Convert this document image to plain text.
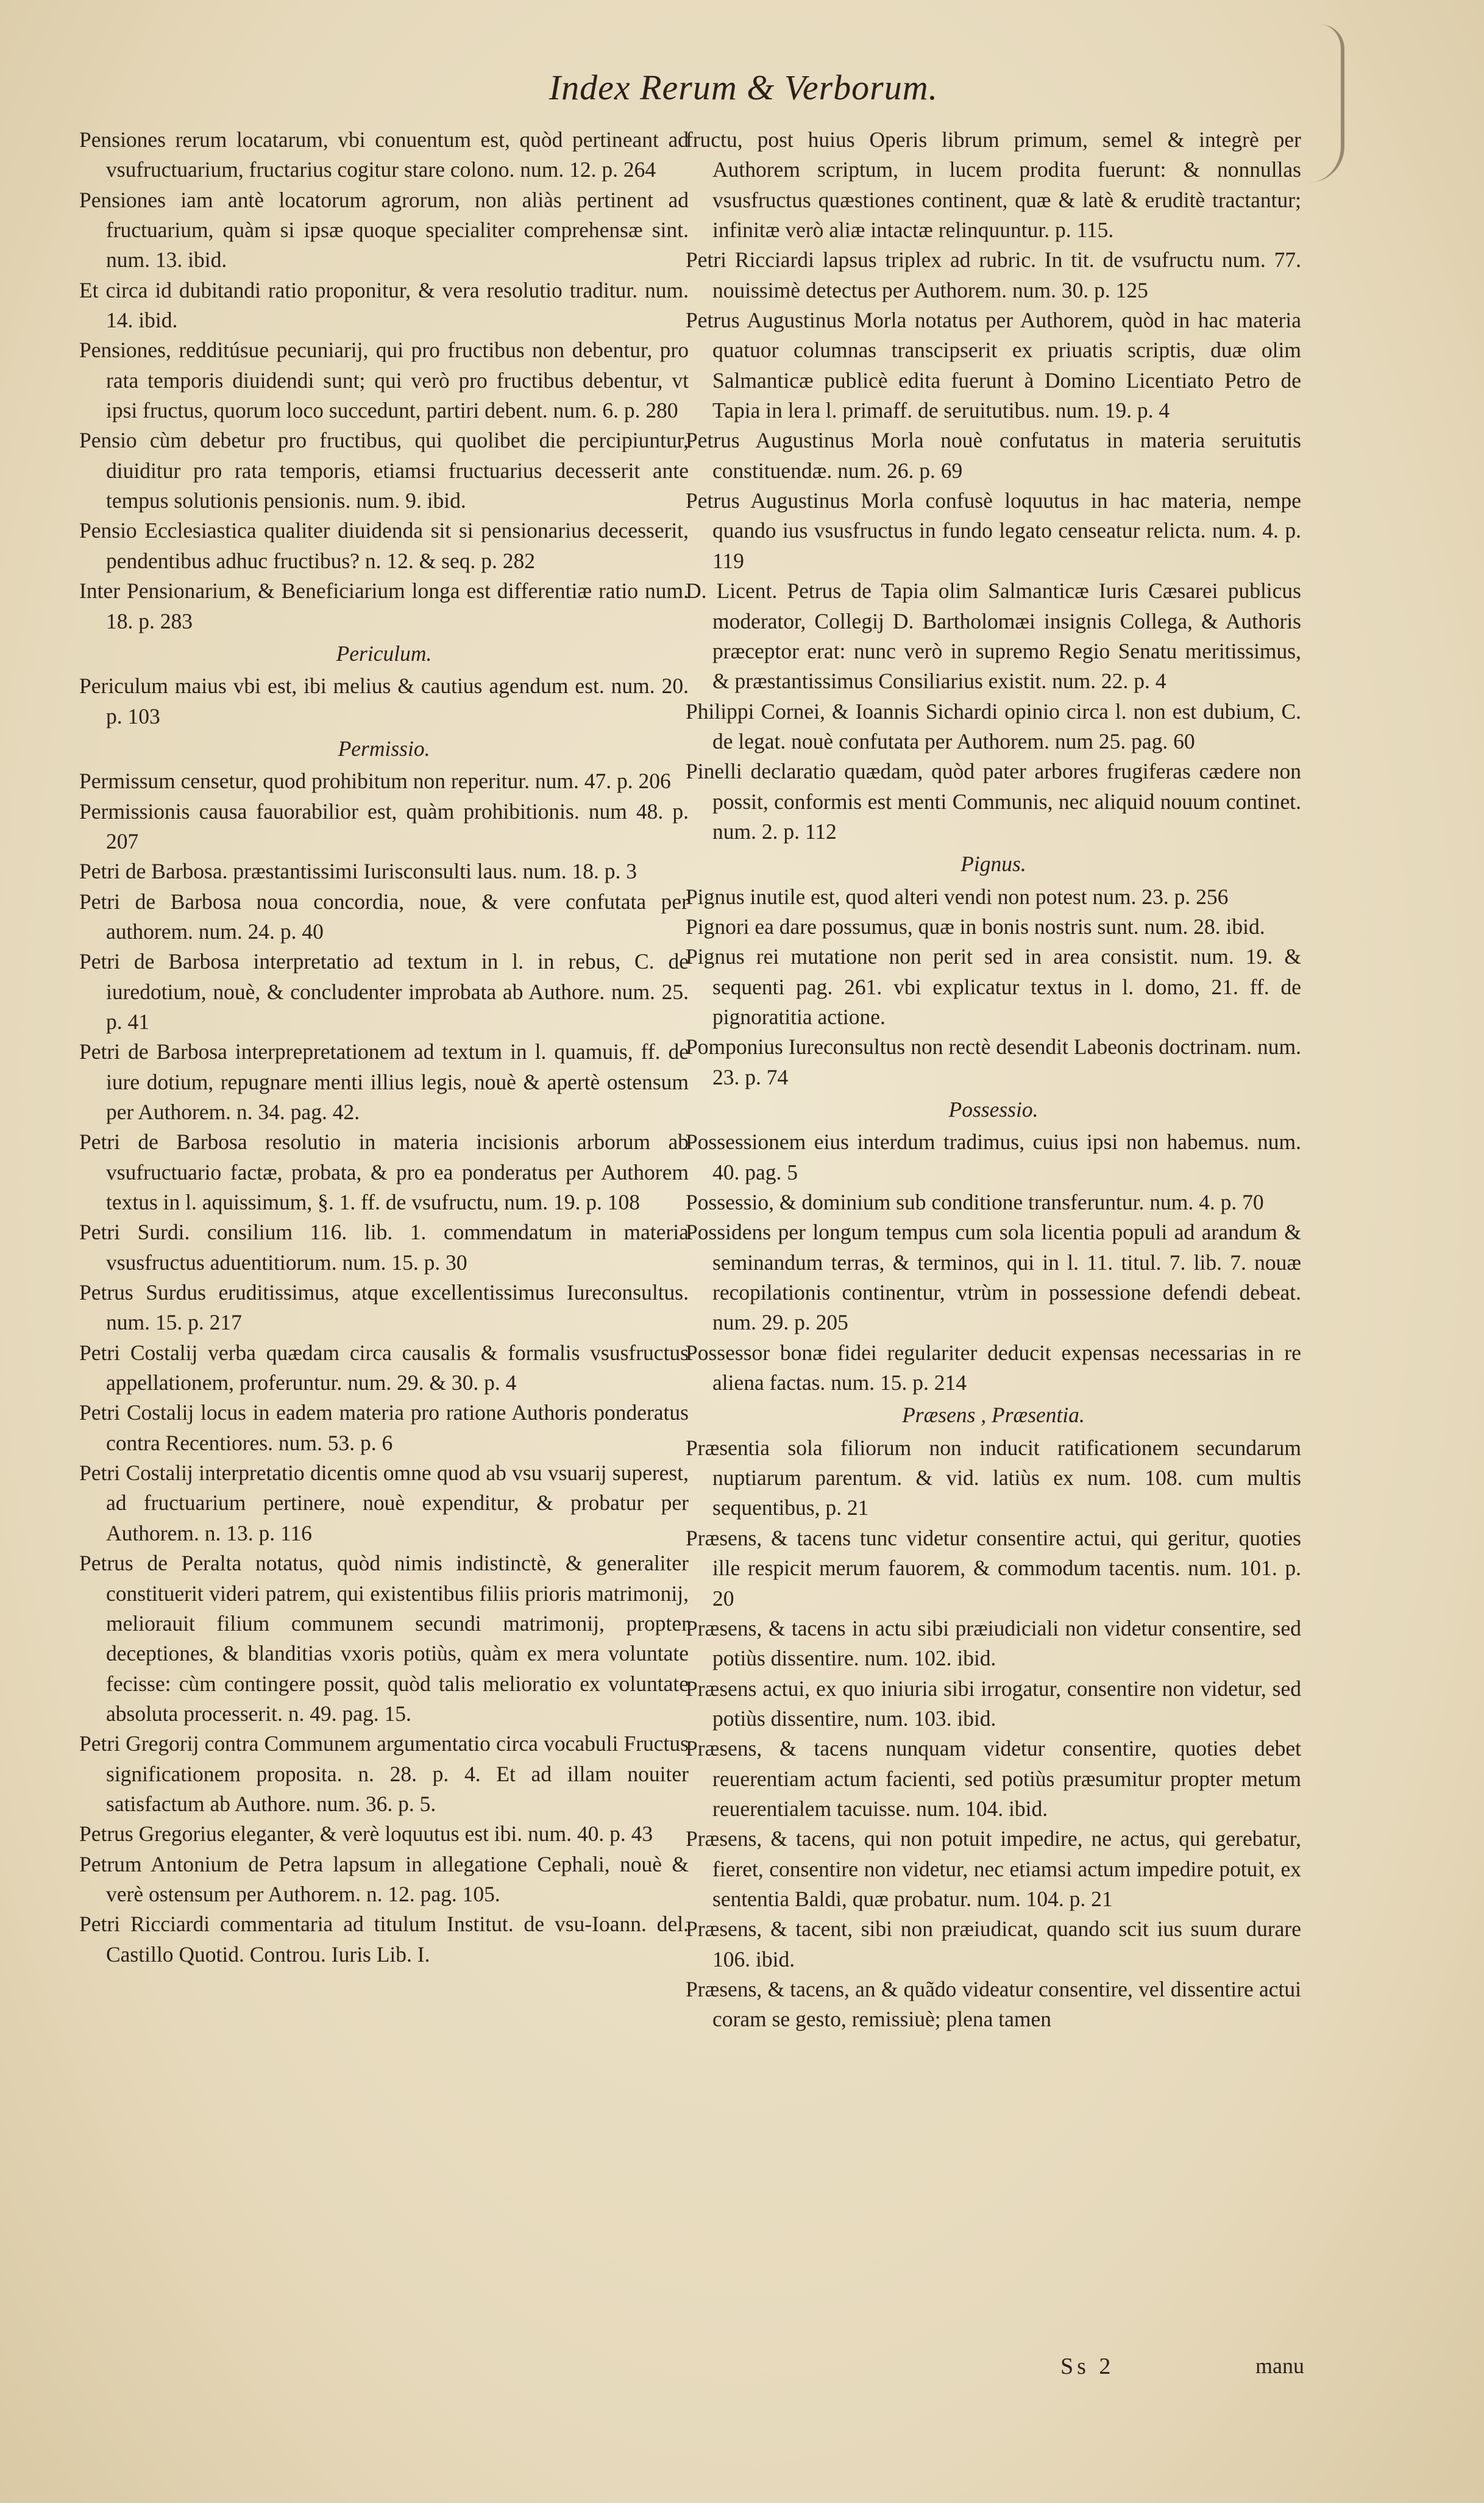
Index Rerum & Verborum.

Pensiones rerum locatarum, vbi conuentum est, quòd pertineant ad vsufructuarium, fructarius cogitur stare colono. num. 12. p. 264

Pensiones iam antè locatorum agrorum, non aliàs pertinent ad fructuarium, quàm si ipsæ quoque specialiter comprehensæ sint. num. 13. ibid.

Et circa id dubitandi ratio proponitur, & vera resolutio traditur. num. 14. ibid.

Pensiones, redditúsue pecuniarij, qui pro fructibus non debentur, pro rata temporis diuidendi sunt; qui verò pro fructibus debentur, vt ipsi fructus, quorum loco succedunt, partiri debent. num. 6. p. 280

Pensio cùm debetur pro fructibus, qui quolibet die percipiuntur, diuiditur pro rata temporis, etiamsi fructuarius decesserit ante tempus solutionis pensionis. num. 9. ibid.

Pensio Ecclesiastica qualiter diuidenda sit si pensionarius decesserit, pendentibus adhuc fructibus? n. 12. & seq. p. 282

Inter Pensionarium, & Beneficiarium longa est differentiæ ratio num. 18. p. 283

Periculum.

Periculum maius vbi est, ibi melius & cautius agendum est. num. 20. p. 103

Permissio.

Permissum censetur, quod prohibitum non reperitur. num. 47. p. 206

Permissionis causa fauorabilior est, quàm prohibitionis. num 48. p. 207

Petri de Barbosa. præstantissimi Iurisconsulti laus. num. 18. p. 3

Petri de Barbosa noua concordia, noue, & vere confutata per authorem. num. 24. p. 40

Petri de Barbosa interpretatio ad textum in l. in rebus, C. de iuredotium, nouè, & concludenter improbata ab Authore. num. 25. p. 41

Petri de Barbosa interprepretationem ad textum in l. quamuis, ff. de iure dotium, repugnare menti illius legis, nouè & apertè ostensum per Authorem. n. 34. pag. 42.

Petri de Barbosa resolutio in materia incisionis arborum ab vsufructuario factæ, probata, & pro ea ponderatus per Authorem textus in l. aquissimum, §. 1. ff. de vsufructu, num. 19. p. 108

Petri Surdi. consilium 116. lib. 1. commendatum in materia vsusfructus aduentitiorum. num. 15. p. 30

Petrus Surdus eruditissimus, atque excellentissimus Iureconsultus. num. 15. p. 217

Petri Costalij verba quædam circa causalis & formalis vsusfructus appellationem, proferuntur. num. 29. & 30. p. 4

Petri Costalij locus in eadem materia pro ratione Authoris ponderatus contra Recentiores. num. 53. p. 6

Petri Costalij interpretatio dicentis omne quod ab vsu vsuarij superest, ad fructuarium pertinere, nouè expenditur, & probatur per Authorem. n. 13. p. 116

Petrus de Peralta notatus, quòd nimis indistinctè, & generaliter constituerit videri patrem, qui existentibus filiis prioris matrimonij, meliorauit filium communem secundi matrimonij, propter deceptiones, & blanditias vxoris potiùs, quàm ex mera voluntate fecisse: cùm contingere possit, quòd talis melioratio ex voluntate absoluta processerit. n. 49. pag. 15.

Petri Gregorij contra Communem argumentatio circa vocabuli Fructus significationem proposita. n. 28. p. 4. Et ad illam nouiter satisfactum ab Authore. num. 36. p. 5.

Petrus Gregorius eleganter, & verè loquutus est ibi. num. 40. p. 43

Petrum Antonium de Petra lapsum in allegatione Cephali, nouè & verè ostensum per Authorem. n. 12. pag. 105.

Petri Ricciardi commentaria ad titulum Institut. de vsu-Ioann. del. Castillo Quotid. Controu. Iuris Lib. I.

fructu, post huius Operis librum primum, semel & integrè per Authorem scriptum, in lucem prodita fuerunt: & nonnullas vsusfructus quæstiones continent, quæ & latè & eruditè tractantur; infinitæ verò aliæ intactæ relinquuntur. p. 115.

Petri Ricciardi lapsus triplex ad rubric. In tit. de vsufructu num. 77. nouissimè detectus per Authorem. num. 30. p. 125

Petrus Augustinus Morla notatus per Authorem, quòd in hac materia quatuor columnas transcipserit ex priuatis scriptis, duæ olim Salmanticæ publicè edita fuerunt à Domino Licentiato Petro de Tapia in lera l. primaff. de seruitutibus. num. 19. p. 4

Petrus Augustinus Morla nouè confutatus in materia seruitutis constituendæ. num. 26. p. 69

Petrus Augustinus Morla confusè loquutus in hac materia, nempe quando ius vsusfructus in fundo legato censeatur relicta. num. 4. p. 119

D. Licent. Petrus de Tapia olim Salmanticæ Iuris Cæsarei publicus moderator, Collegij D. Bartholomæi insignis Collega, & Authoris præceptor erat: nunc verò in supremo Regio Senatu meritissimus, & præstantissimus Consiliarius existit. num. 22. p. 4

Philippi Cornei, & Ioannis Sichardi opinio circa l. non est dubium, C. de legat. nouè confutata per Authorem. num 25. pag. 60

Pinelli declaratio quædam, quòd pater arbores frugiferas cædere non possit, conformis est menti Communis, nec aliquid nouum continet. num. 2. p. 112

Pignus.

Pignus inutile est, quod alteri vendi non potest num. 23. p. 256

Pignori ea dare possumus, quæ in bonis nostris sunt. num. 28. ibid.

Pignus rei mutatione non perit sed in area consistit. num. 19. & sequenti pag. 261. vbi explicatur textus in l. domo, 21. ff. de pignoratitia actione.

Pomponius Iureconsultus non rectè desendit Labeonis doctrinam. num. 23. p. 74

Possessio.

Possessionem eius interdum tradimus, cuius ipsi non habemus. num. 40. pag. 5

Possessio, & dominium sub conditione transferuntur. num. 4. p. 70

Possidens per longum tempus cum sola licentia populi ad arandum & seminandum terras, & terminos, qui in l. 11. titul. 7. lib. 7. nouæ recopilationis continentur, vtrùm in possessione defendi debeat. num. 29. p. 205

Possessor bonæ fidei regulariter deducit expensas necessarias in re aliena factas. num. 15. p. 214

Præsens , Præsentia.

Præsentia sola filiorum non inducit ratificationem secundarum nuptiarum parentum. & vid. latiùs ex num. 108. cum multis sequentibus, p. 21

Præsens, & tacens tunc videtur consentire actui, qui geritur, quoties ille respicit merum fauorem, & commodum tacentis. num. 101. p. 20

Præsens, & tacens in actu sibi præiudiciali non videtur consentire, sed potiùs dissentire. num. 102. ibid.

Præsens actui, ex quo iniuria sibi irrogatur, consentire non videtur, sed potiùs dissentire, num. 103. ibid.

Præsens, & tacens nunquam videtur consentire, quoties debet reuerentiam actum facienti, sed potiùs præsumitur propter metum reuerentialem tacuisse. num. 104. ibid.

Præsens, & tacens, qui non potuit impedire, ne actus, qui gerebatur, fieret, consentire non videtur, nec etiamsi actum impedire potuit, ex sententia Baldi, quæ probatur. num. 104. p. 21

Præsens, & tacent, sibi non præiudicat, quando scit ius suum durare 106. ibid.

Præsens, & tacens, an & quãdo videatur consentire, vel dissentire actui coram se gesto, remissiuè; plena tamen

Ss 2	manu
